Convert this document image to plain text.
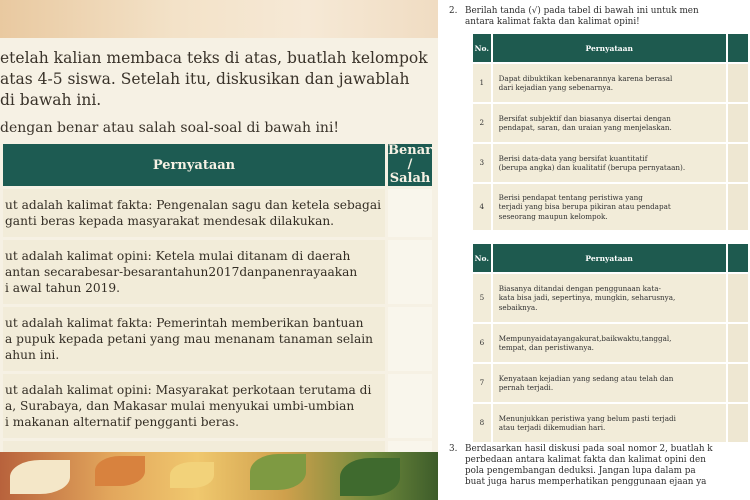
etelah kalian membaca teks di atas, buatlah kelompok
atas 4-5 siswa. Setelah itu, diskusikan dan jawablah
di bawah ini.
dengan benar atau salah soal-soal di bawah ini!
Pernyataan	Benar /
Salah

ut adalah kalimat fakta: Pengenalan sagu dan ketela sebagai
ganti beras kepada masyarakat mendesak dilakukan.	

ut adalah kalimat opini: Ketela mulai ditanam di daerah
antan secarabesar-besarantahun2017danpanenrayaakan
i awal tahun 2019.	

ut adalah kalimat fakta: Pemerintah memberikan bantuan
a pupuk kepada petani yang mau menanam tanaman selain
ahun ini.	

ut adalah kalimat opini: Masyarakat perkotaan terutama di
a, Surabaya, dan Makasar mulai menyukai umbi-umbian
i makanan alternatif pengganti beras.	

2. Berilah tanda (√) pada tabel di bawah ini untuk men
antara kalimat fakta dan kalimat opini!
No.	Pernyataan	
1	Dapat dibuktikan kebenarannya karena berasal
dari kejadian yang sebenarnya.	

2	Bersifat subjektif dan biasanya disertai dengan
pendapat, saran, dan uraian yang menjelaskan.	

3	Berisi data-data yang bersifat kuantitatif
(berupa angka) dan kualitatif (berupa pernyataan).	

4	Berisi pendapat tentang peristiwa yang
terjadi yang bisa berupa pikiran atau pendapat
seseorang maupun kelompok.	

No.	Pernyataan	
5	Biasanya ditandai dengan penggunaan kata-
kata bisa jadi, sepertinya, mungkin, seharusnya,
sebaiknya.	

6	Mempunyaidatayangakurat,baikwaktu,tanggal,
tempat, dan peristiwanya.	

7	Kenyataan kejadian yang sedang atau telah dan
pernah terjadi.	

8	Menunjukkan peristiwa yang belum pasti terjadi
atau terjadi dikemudian hari.	

3. Berdasarkan hasil diskusi pada soal nomor 2, buatlah k
perbedaan antara kalimat fakta dan kalimat opini den
pola pengembangan deduksi. Jangan lupa dalam pa
buat juga harus memperhatikan penggunaan ejaan ya
